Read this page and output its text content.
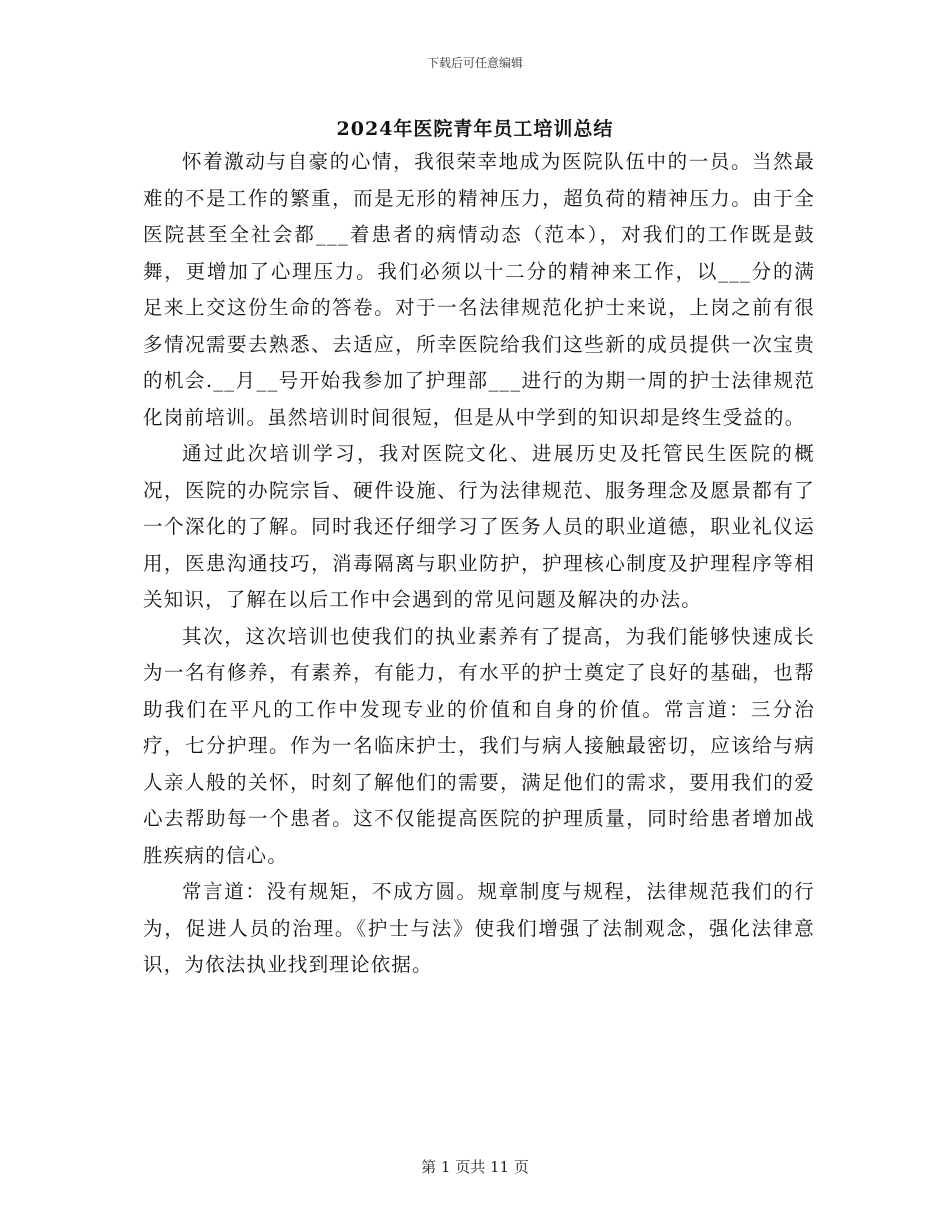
下载后可任意编辑
2024年医院青年员工培训总结

怀着激动与自豪的心情，我很荣幸地成为医院队伍中的一员。当然最难的不是工作的繁重，而是无形的精神压力，超负荷的精神压力。由于全医院甚至全社会都___着患者的病情动态（范本），对我们的工作既是鼓舞，更增加了心理压力。我们必须以十二分的精神来工作，以___分的满足来上交这份生命的答卷。对于一名法律规范化护士来说，上岗之前有很多情况需要去熟悉、去适应，所幸医院给我们这些新的成员提供一次宝贵的机会.__月__号开始我参加了护理部___进行的为期一周的护士法律规范化岗前培训。虽然培训时间很短，但是从中学到的知识却是终生受益的。

通过此次培训学习，我对医院文化、进展历史及托管民生医院的概况，医院的办院宗旨、硬件设施、行为法律规范、服务理念及愿景都有了一个深化的了解。同时我还仔细学习了医务人员的职业道德，职业礼仪运用，医患沟通技巧，消毒隔离与职业防护，护理核心制度及护理程序等相关知识，了解在以后工作中会遇到的常见问题及解决的办法。

其次，这次培训也使我们的执业素养有了提高，为我们能够快速成长为一名有修养，有素养，有能力，有水平的护士奠定了良好的基础，也帮助我们在平凡的工作中发现专业的价值和自身的价值。常言道：三分治疗，七分护理。作为一名临床护士，我们与病人接触最密切，应该给与病人亲人般的关怀，时刻了解他们的需要，满足他们的需求，要用我们的爱心去帮助每一个患者。这不仅能提高医院的护理质量，同时给患者增加战胜疾病的信心。

常言道：没有规矩，不成方圆。规章制度与规程，法律规范我们的行为，促进人员的治理。《护士与法》使我们增强了法制观念，强化法律意识，为依法执业找到理论依据。

第 1 页共 11 页
